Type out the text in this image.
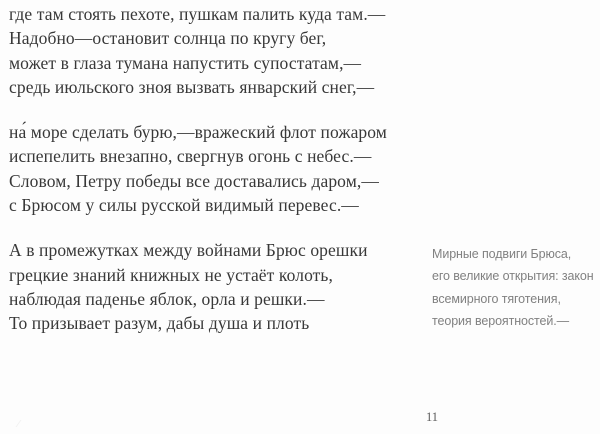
где там стоять пехоте, пушкам палить куда там.—
Надобно—остановит солнца по кругу бег,
может в глаза тумана напустить супостатам,—
средь июльского зноя вызвать январский снег,—
на́ море сделать бурю,—вражеский флот пожаром
испепелить внезапно, свергнув огонь с небес.—
Словом, Петру победы все доставались даром,—
с Брюсом у силы русской видимый перевес.—
А в промежутках между войнами Брюс орешки
грецкие знаний книжных не устаёт колоть,
наблюдая паденье яблок, орла и решки.—
То призывает разум, дабы душа и плоть
Мирные подвиги Брюса,
его великие открытия: закон
всемирного тяготения,
теория вероятностей.—
11
